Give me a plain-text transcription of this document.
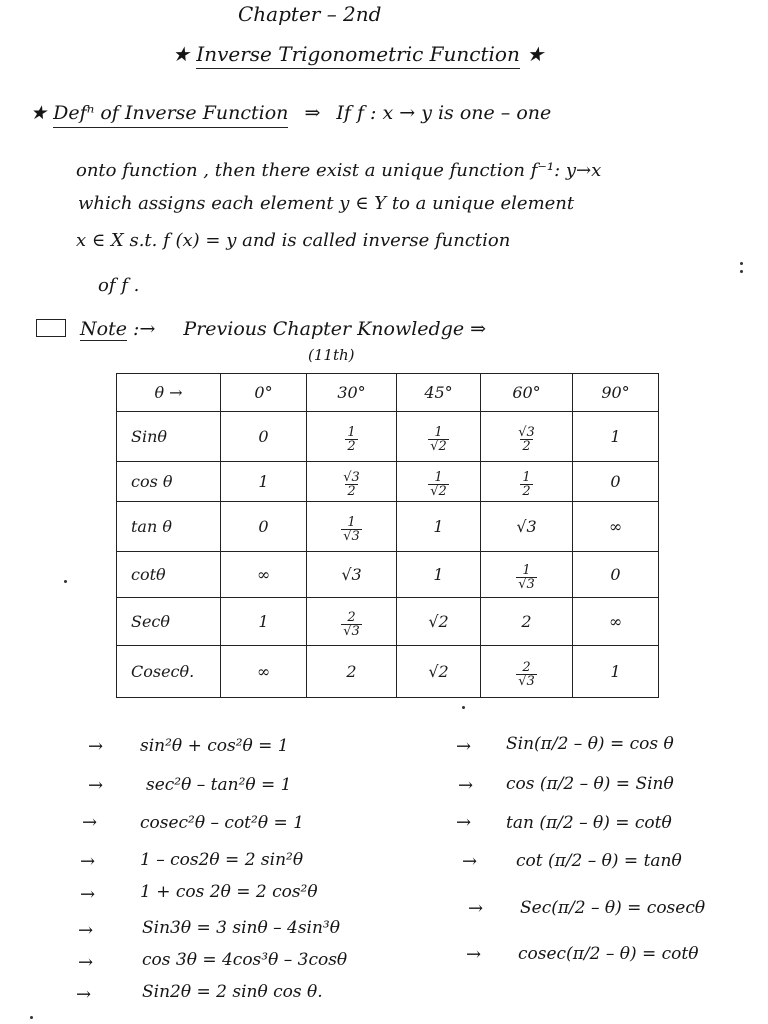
Chapter – 2nd
★ Inverse Trigonometric Function ★
★ Defⁿ of Inverse Function ⇒ If f : x → y is one – one
onto function , then there exist a unique function f⁻¹: y→x
which assigns each element y ∈ Y to a unique element
x ∈ X s.t. f (x) = y and is called inverse function
of f .
Note :→ Previous Chapter Knowledge ⇒
(11th)
θ →	0°	30°	45°	60°	90°
Sinθ	0	$\frac{1}{2}$	$\frac{1}{√2}$	$\frac{√3}{2}$	1
cos θ	1	$\frac{√3}{2}$	$\frac{1}{√2}$	$\frac{1}{2}$	0
tan θ	0	$\frac{1}{√3}$	1	√3	∞
cotθ	∞	√3	1	$\frac{1}{√3}$	0
Secθ	1	$\frac{2}{√3}$	√2	2	∞
Cosecθ.	∞	2	√2	$\frac{2}{√3}$	1
→ sin²θ + cos²θ = 1
→	sec²θ – tan²θ = 1
→	cosec²θ – cot²θ = 1
→	1 – cos2θ = 2 sin²θ
→	1 + cos 2θ = 2 cos²θ
→	Sin3θ = 3 sinθ – 4sin³θ
→	cos 3θ = 4cos³θ – 3cosθ
→	Sin2θ = 2 sinθ cos θ.
→ Sin(π/2 – θ) = cos θ
→ cos (π/2 – θ) = Sinθ
→ tan (π/2 – θ) = cotθ
→ cot (π/2 – θ) = tanθ
→ Sec(π/2 – θ) = cosecθ
→ cosec(π/2 – θ) = cotθ
